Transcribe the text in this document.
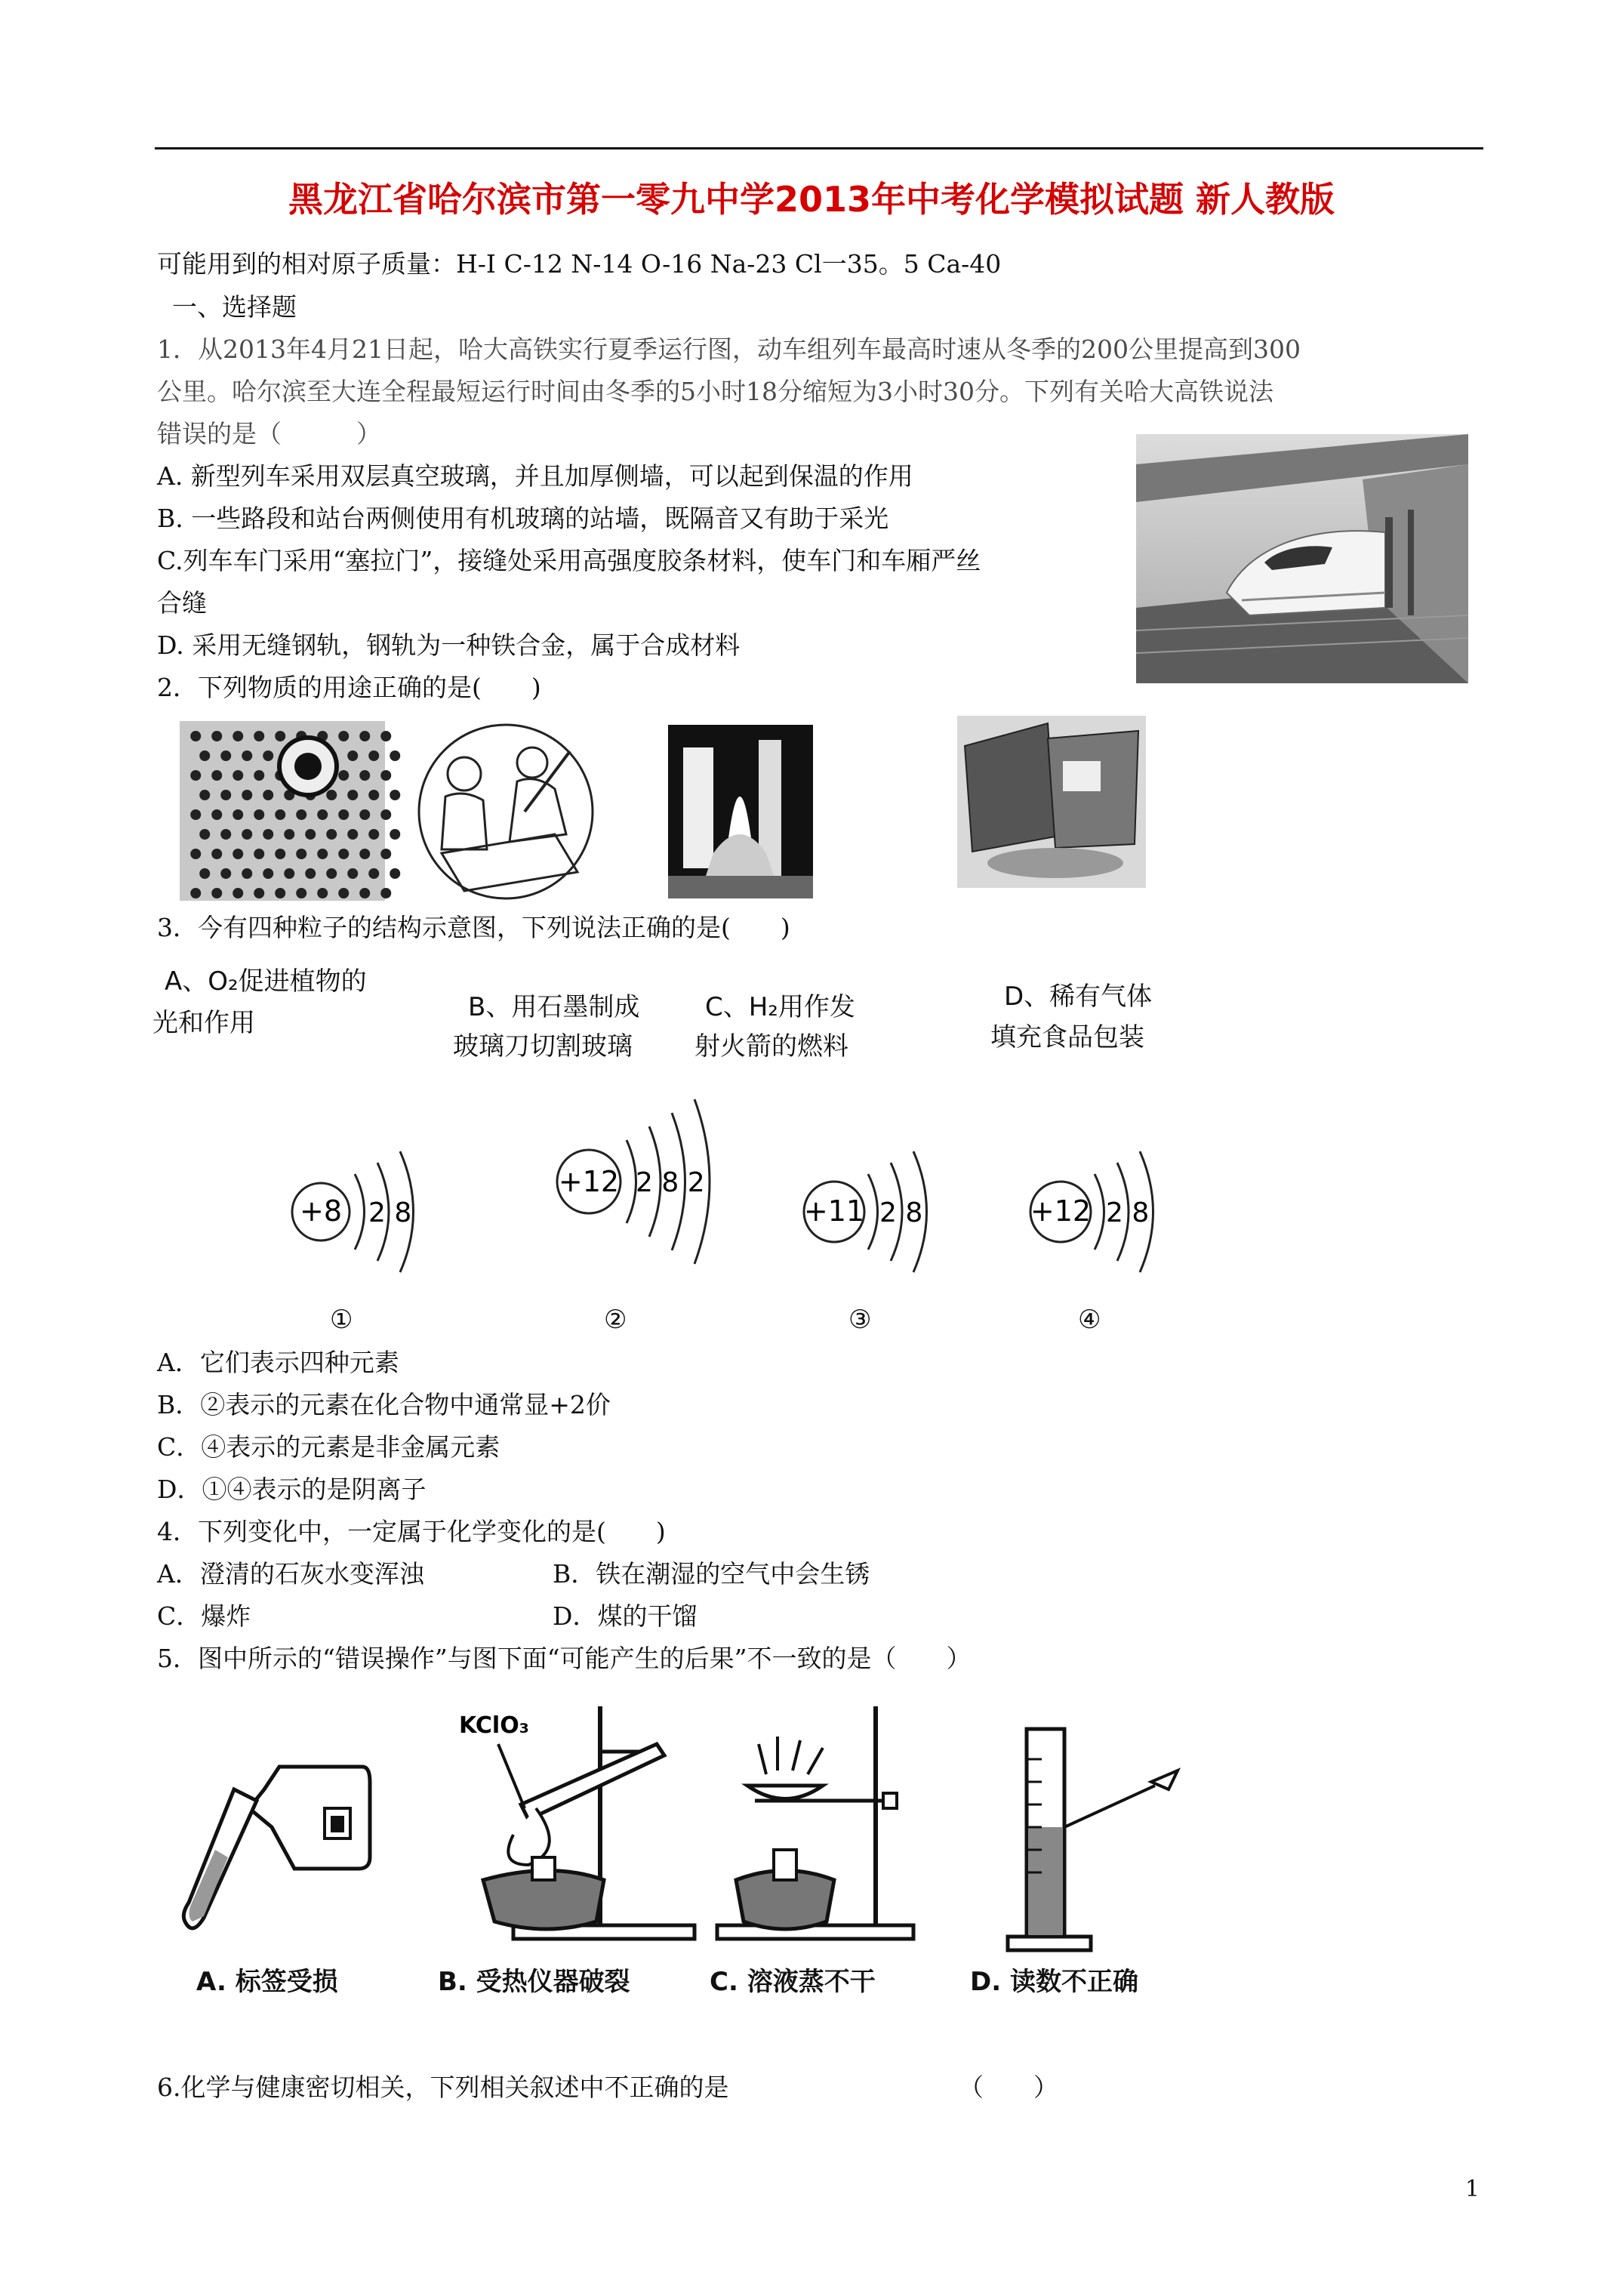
黑龙江省哈尔滨市第一零九中学2013年中考化学模拟试题 新人教版
可能用到的相对原子质量：H-I C-12 N-14 O-16 Na-23 Cl一35。5 Ca-40
一、选择题
1．从2013年4月21日起，哈大高铁实行夏季运行图，动车组列车最高时速从冬季的200公里提高到300
公里。哈尔滨至大连全程最短运行时间由冬季的5小时18分缩短为3小时30分。下列有关哈大高铁说法
错误的是（　　　）
A. 新型列车采用双层真空玻璃，并且加厚侧墙，可以起到保温的作用
B. 一些路段和站台两侧使用有机玻璃的站墙，既隔音又有助于采光
C.列车车门采用“塞拉门”，接缝处采用高强度胶条材料，使车门和车厢严丝
合缝
D. 采用无缝钢轨，钢轨为一种铁合金，属于合成材料
2．下列物质的用途正确的是(　　)
3．今有四种粒子的结构示意图，下列说法正确的是(　　)
A、O₂促进植物的
光和作用
B、用石墨制成
玻璃刀切割玻璃
C、H₂用作发
射火箭的燃料
D、稀有气体
填充食品包装
+8 2 8
+12 2 8 2
+11 2 8	+12 2 8
①	②	③	④
A．它们表示四种元素
B．②表示的元素在化合物中通常显+2价
C．④表示的元素是非金属元素
D．①④表示的是阴离子
4．下列变化中，一定属于化学变化的是(　　)
A．澄清的石灰水变浑浊	B．铁在潮湿的空气中会生锈
C．爆炸	D．煤的干馏
5．图中所示的“错误操作”与图下面“可能产生的后果”不一致的是（　　）
KClO₃
A. 标签受损	B. 受热仪器破裂	C. 溶液蒸不干	D. 读数不正确
6.化学与健康密切相关，下列相关叙述中不正确的是	（　　）
1
